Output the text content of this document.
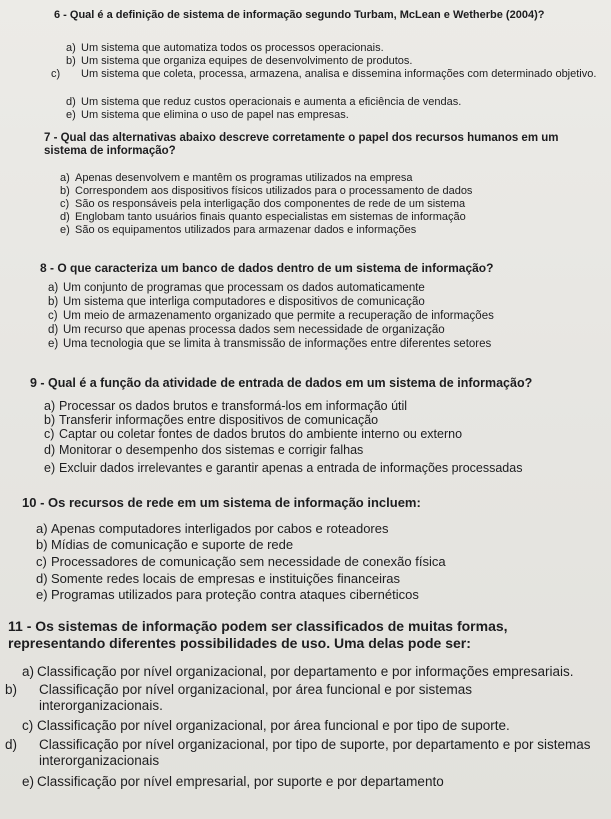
6 - Qual é a definição de sistema de informação segundo Turbam, McLean e Wetherbe (2004)?
a) Um sistema que automatiza todos os processos operacionais.
b) Um sistema que organiza equipes de desenvolvimento de produtos.
c) Um sistema que coleta, processa, armazena, analisa e dissemina informações com determinado objetivo.
d) Um sistema que reduz custos operacionais e aumenta a eficiência de vendas.
e) Um sistema que elimina o uso de papel nas empresas.
7 - Qual das alternativas abaixo descreve corretamente o papel dos recursos humanos em um sistema de informação?
a) Apenas desenvolvem e mantêm os programas utilizados na empresa
b) Correspondem aos dispositivos físicos utilizados para o processamento de dados
c) São os responsáveis pela interligação dos componentes de rede de um sistema
d) Englobam tanto usuários finais quanto especialistas em sistemas de informação
e) São os equipamentos utilizados para armazenar dados e informações
8 - O que caracteriza um banco de dados dentro de um sistema de informação?
a) Um conjunto de programas que processam os dados automaticamente
b) Um sistema que interliga computadores e dispositivos de comunicação
c) Um meio de armazenamento organizado que permite a recuperação de informações
d) Um recurso que apenas processa dados sem necessidade de organização
e) Uma tecnologia que se limita à transmissão de informações entre diferentes setores
9 - Qual é a função da atividade de entrada de dados em um sistema de informação?
a) Processar os dados brutos e transformá-los em informação útil
b) Transferir informações entre dispositivos de comunicação
c) Captar ou coletar fontes de dados brutos do ambiente interno ou externo
d) Monitorar o desempenho dos sistemas e corrigir falhas
e) Excluir dados irrelevantes e garantir apenas a entrada de informações processadas
10 - Os recursos de rede em um sistema de informação incluem:
a) Apenas computadores interligados por cabos e roteadores
b) Mídias de comunicação e suporte de rede
c) Processadores de comunicação sem necessidade de conexão física
d) Somente redes locais de empresas e instituições financeiras
e) Programas utilizados para proteção contra ataques cibernéticos
11 - Os sistemas de informação podem ser classificados de muitas formas, representando diferentes possibilidades de uso. Uma delas pode ser:
a) Classificação por nível organizacional, por departamento e por informações empresariais.
b) Classificação por nível organizacional, por área funcional e por sistemas interorganizacionais.
c) Classificação por nível organizacional, por área funcional e por tipo de suporte.
d) Classificação por nível organizacional, por tipo de suporte, por departamento e por sistemas interorganizacionais
e) Classificação por nível empresarial, por suporte e por departamento
